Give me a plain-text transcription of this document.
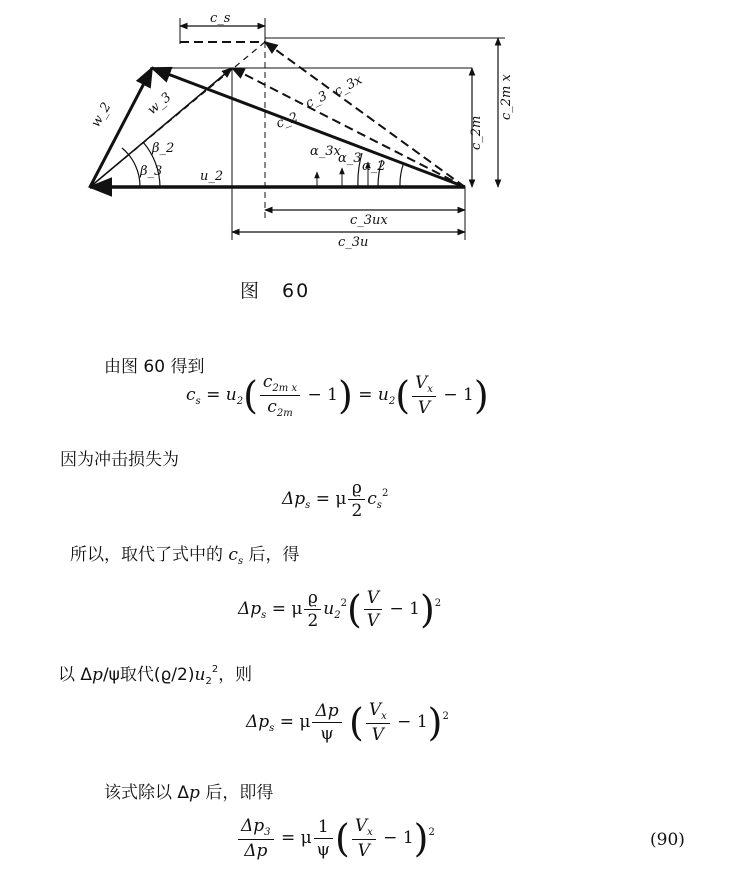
c_s
c_3x
c_3
c_2	c_2m
c_2m x
w_2 w_3
β_2
β_3	u_2
α_3x
α_3
α_2
c_3ux
c_3u
图　60
由图 60 得到
$c_s = u_2( \frac{c_{2m x}}{c_{2m}} - 1) = u_2( \frac{V_x}{V} - 1)$
因为冲击损失为
$\Delta p_s = \mu \frac{ϱ}{2} c_s^2$
所以，取代了式中的 $c_s$ 后，得
$\Delta p_s = \mu \frac{ϱ}{2} u_2^2( \frac{V}{V} - 1)^2$
以 Δp/ψ取代$(ϱ/2)u_2^2$，则
$\Delta p_s = \mu \frac{\Delta p}{\psi}$ ( $\frac{V_x}{V} - 1)^2$
该式除以 Δp 后，即得
$\frac{\Delta p_3}{\Delta p} = \mu \frac{1}{\psi}$ ( $\frac{V_x}{V} - 1)^2$	(90)
